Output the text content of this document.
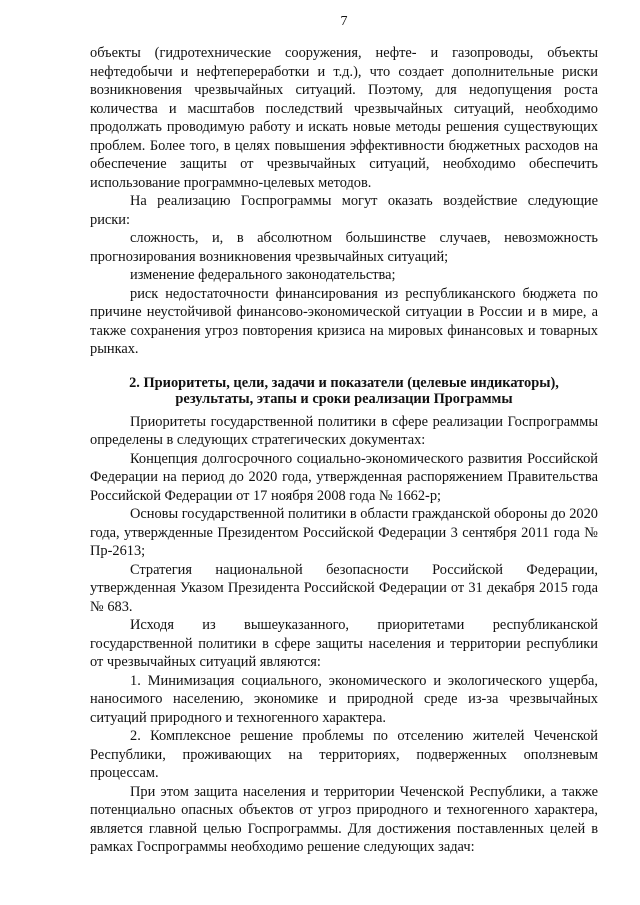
7

объекты (гидротехнические сооружения, нефте- и газопроводы, объекты нефтедобычи и нефтепереработки и т.д.), что создает дополнительные риски возникновения чрезвычайных ситуаций. Поэтому, для недопущения роста количества и масштабов последствий чрезвычайных ситуаций, необходимо продолжать проводимую работу и искать новые методы решения существующих проблем. Более того, в целях повышения эффективности бюджетных расходов на обеспечение защиты от чрезвычайных ситуаций, необходимо обеспечить использование программно-целевых методов.

На реализацию Госпрограммы могут оказать воздействие следующие риски:

сложность, и, в абсолютном большинстве случаев, невозможность прогнозирования возникновения чрезвычайных ситуаций;

изменение федерального законодательства;

риск недостаточности финансирования из республиканского бюджета по причине неустойчивой финансово-экономической ситуации в России и в мире, а также сохранения угроз повторения кризиса на мировых финансовых и товарных рынках.

2. Приоритеты, цели, задачи и показатели (целевые индикаторы), результаты, этапы и сроки реализации Программы

Приоритеты государственной политики в сфере реализации Госпрограммы определены в следующих стратегических документах:

Концепция долгосрочного социально-экономического развития Российской Федерации на период до 2020 года, утвержденная распоряжением Правительства Российской Федерации от 17 ноября 2008 года № 1662-р;

Основы государственной политики в области гражданской обороны до 2020 года, утвержденные Президентом Российской Федерации 3 сентября 2011 года № Пр-2613;

Стратегия национальной безопасности Российской Федерации, утвержденная Указом Президента Российской Федерации от 31 декабря 2015 года № 683.

Исходя из вышеуказанного, приоритетами республиканской государственной политики в сфере защиты населения и территории республики от чрезвычайных ситуаций являются:

1. Минимизация социального, экономического и экологического ущерба, наносимого населению, экономике и природной среде из-за чрезвычайных ситуаций природного и техногенного характера.

2. Комплексное решение проблемы по отселению жителей Чеченской Республики, проживающих на территориях, подверженных оползневым процессам.

При этом защита населения и территории Чеченской Республики, а также потенциально опасных объектов от угроз природного и техногенного характера, является главной целью Госпрограммы. Для достижения поставленных целей в рамках Госпрограммы необходимо решение следующих задач:
